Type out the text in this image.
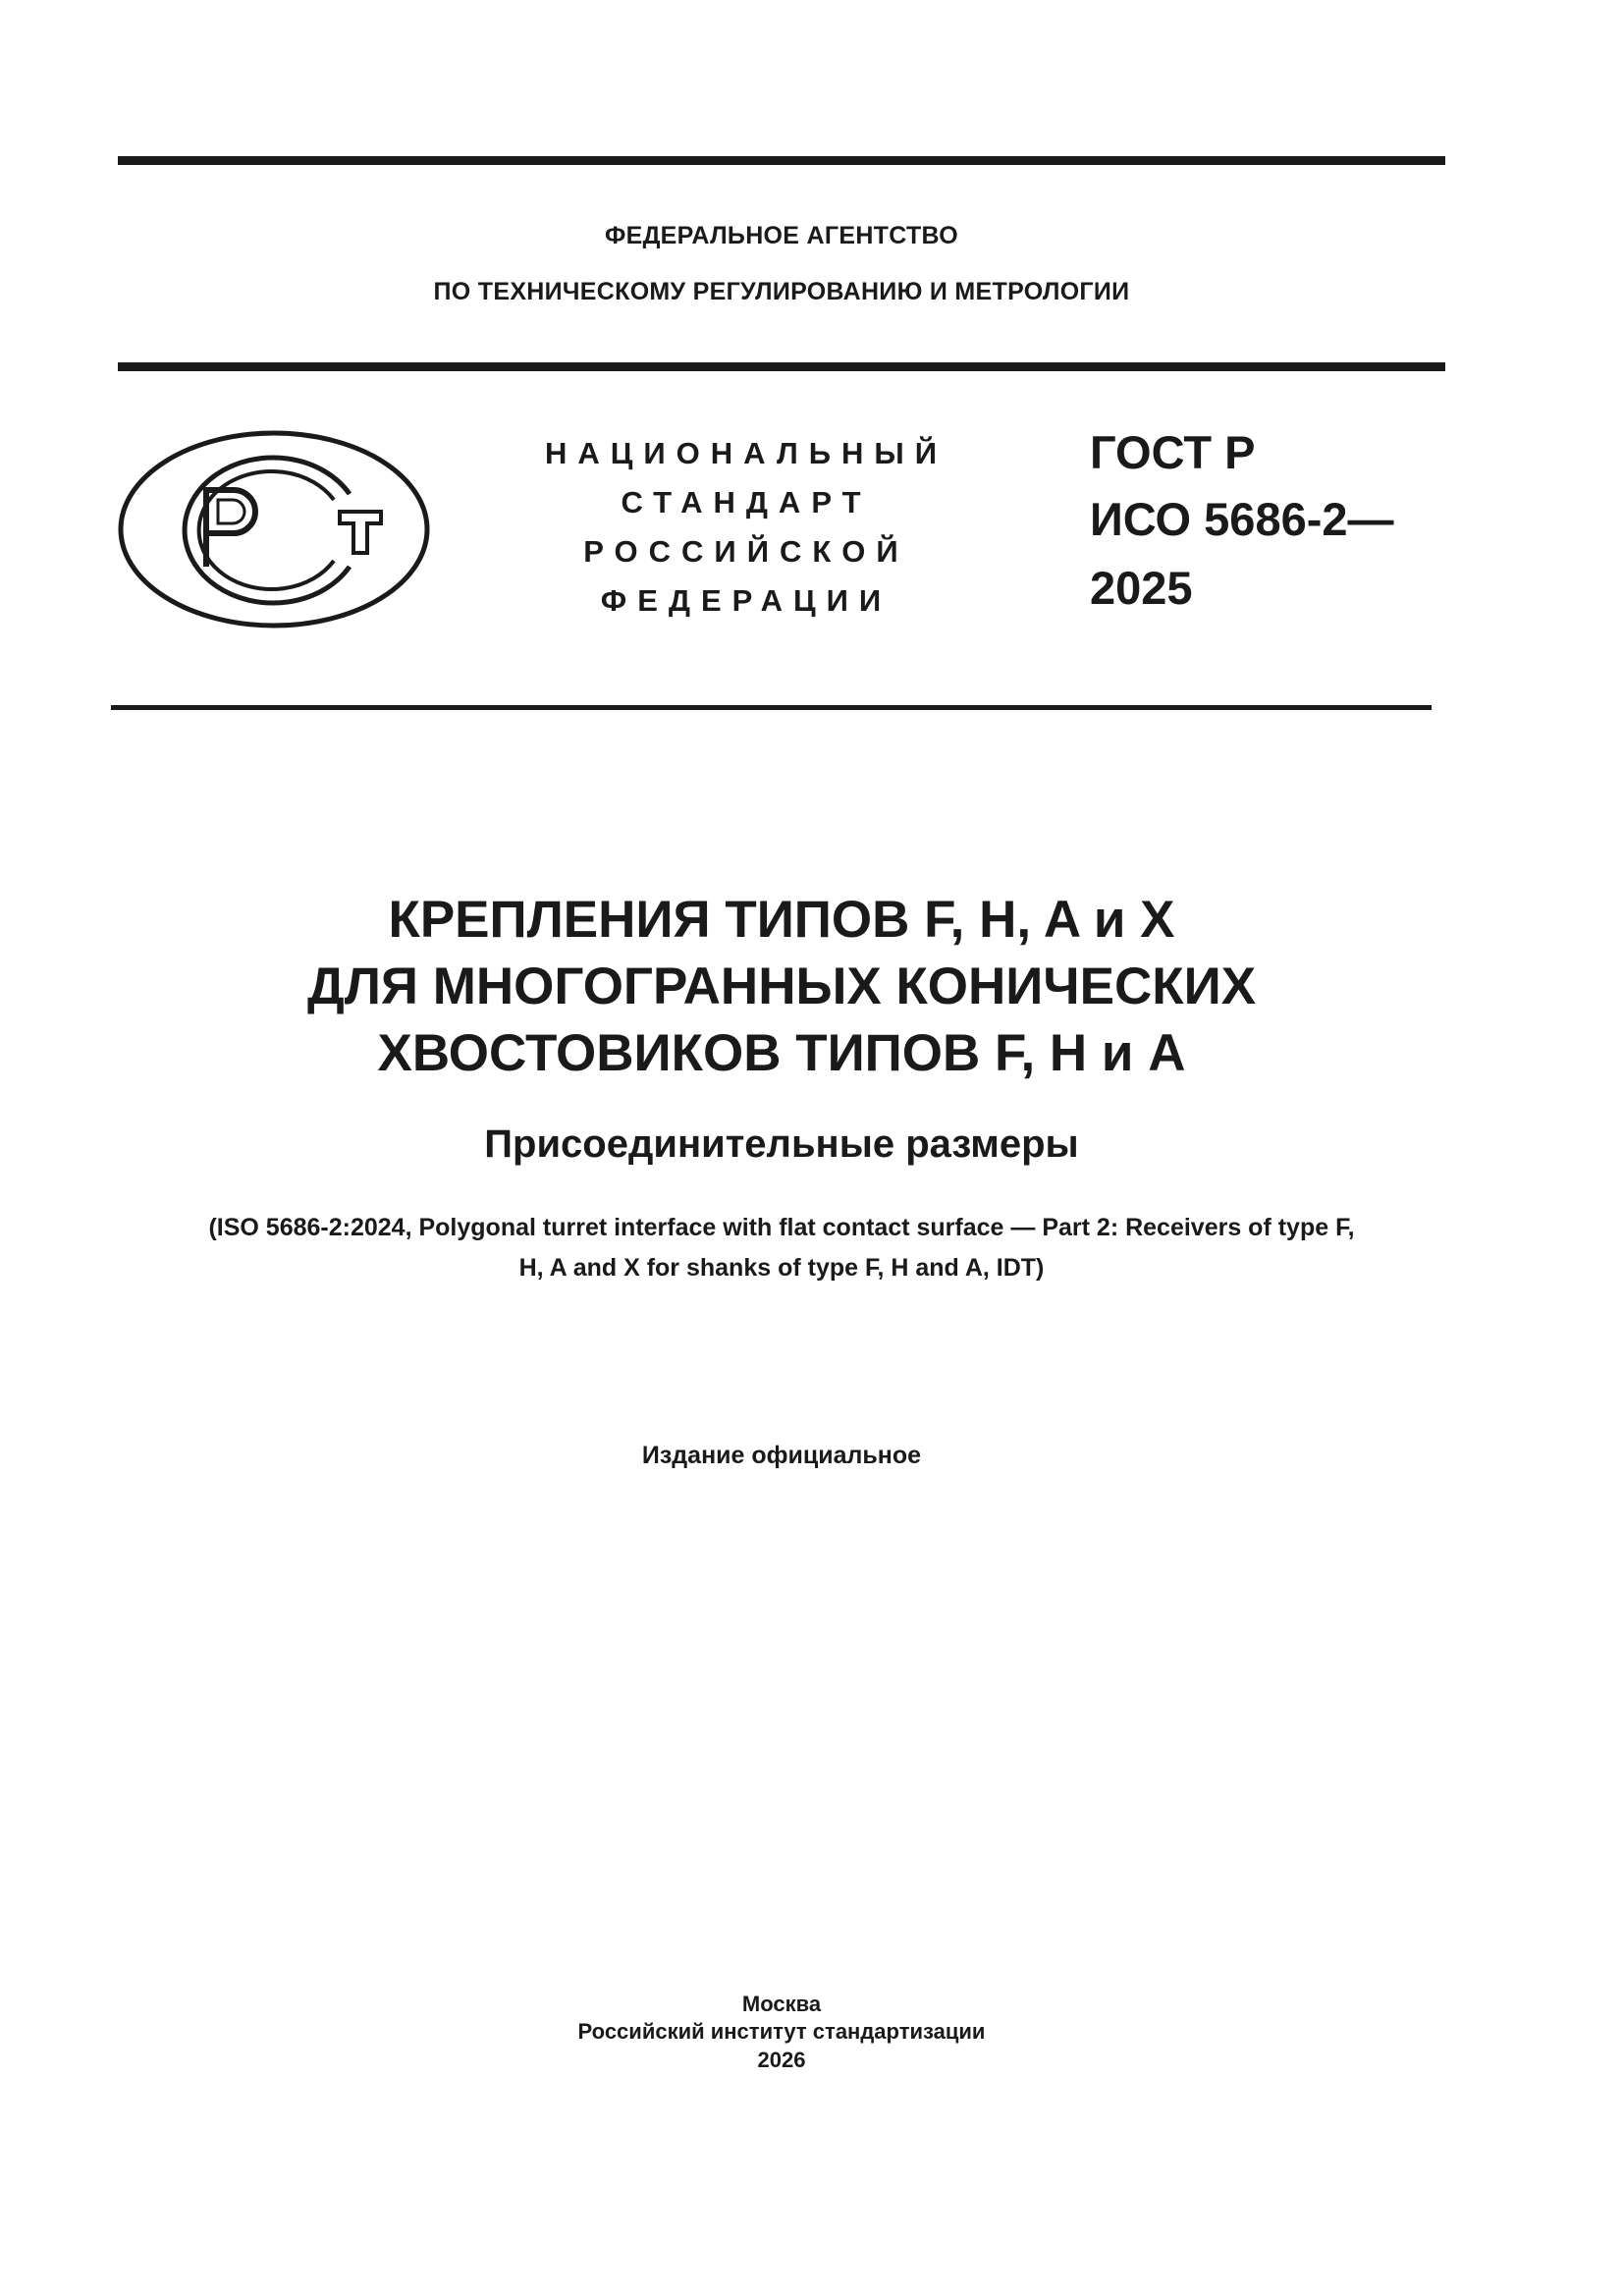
ФЕДЕРАЛЬНОЕ АГЕНТСТВО
ПО ТЕХНИЧЕСКОМУ РЕГУЛИРОВАНИЮ И МЕТРОЛОГИИ
НАЦИОНАЛЬНЫЙ
СТАНДАРТ
РОССИЙСКОЙ
ФЕДЕРАЦИИ
ГОСТ Р
ИСО 5686-2—
2025
КРЕПЛЕНИЯ ТИПОВ F, H, A и X
ДЛЯ МНОГОГРАННЫХ КОНИЧЕСКИХ
ХВОСТОВИКОВ ТИПОВ F, H и A
Присоединительные размеры
(ISO 5686-2:2024, Polygonal turret interface with flat contact surface — Part 2: Receivers of type F,
H, A and X for shanks of type F, H and A, IDT)
Издание официальное
Москва
Российский институт стандартизации
2026
